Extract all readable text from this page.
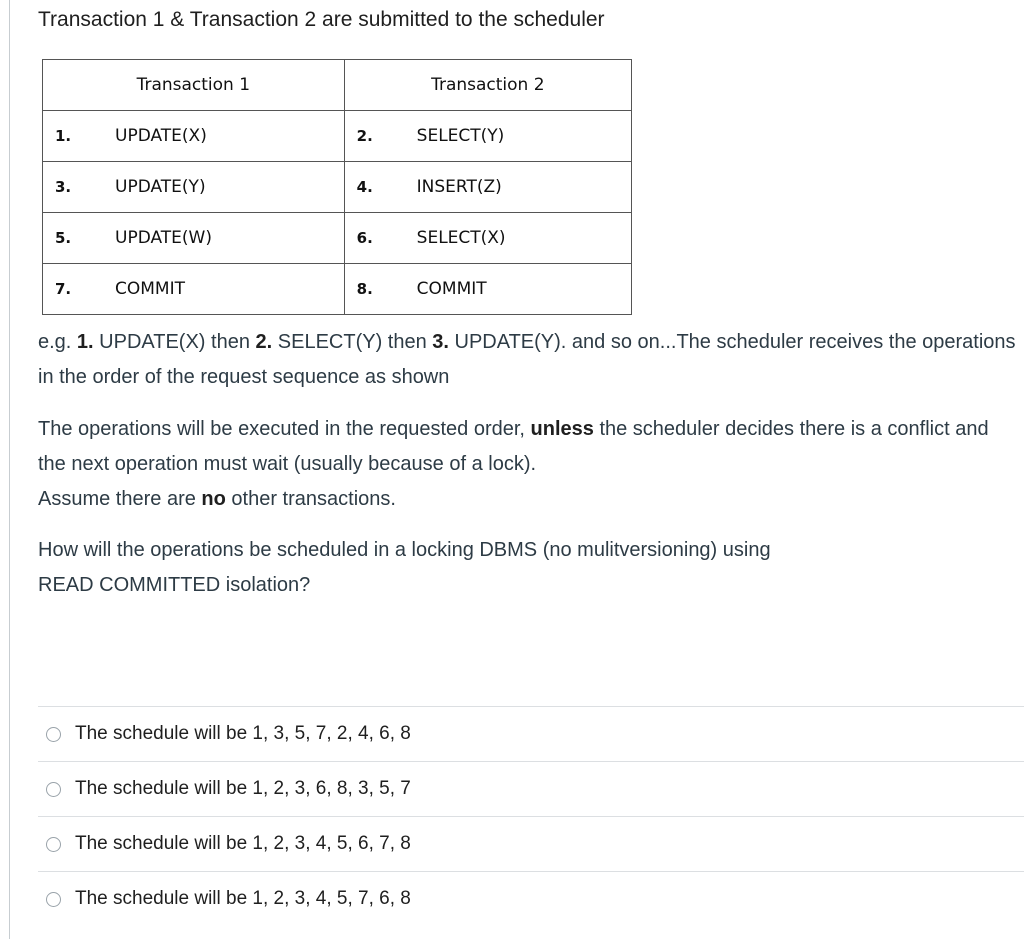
Transaction 1 & Transaction 2 are submitted to the scheduler
Transaction 1	Transaction 2

1. UPDATE(X)	2. SELECT(Y)

3. UPDATE(Y)	4. INSERT(Z)

5. UPDATE(W)	6. SELECT(X)

7. COMMIT	8. COMMIT
e.g. 1. UPDATE(X) then 2. SELECT(Y) then 3. UPDATE(Y). and so on...The scheduler receives the operations in the order of the request sequence as shown
The operations will be executed in the requested order, unless the scheduler decides there is a conflict and the next operation must wait (usually because of a lock).
Assume there are no other transactions.
How will the operations be scheduled in a locking DBMS (no mulitversioning) using
READ COMMITTED isolation?
The schedule will be 1, 3, 5, 7, 2, 4, 6, 8
The schedule will be 1, 2, 3, 6, 8, 3, 5, 7
The schedule will be 1, 2, 3, 4, 5, 6, 7, 8
The schedule will be 1, 2, 3, 4, 5, 7, 6, 8
